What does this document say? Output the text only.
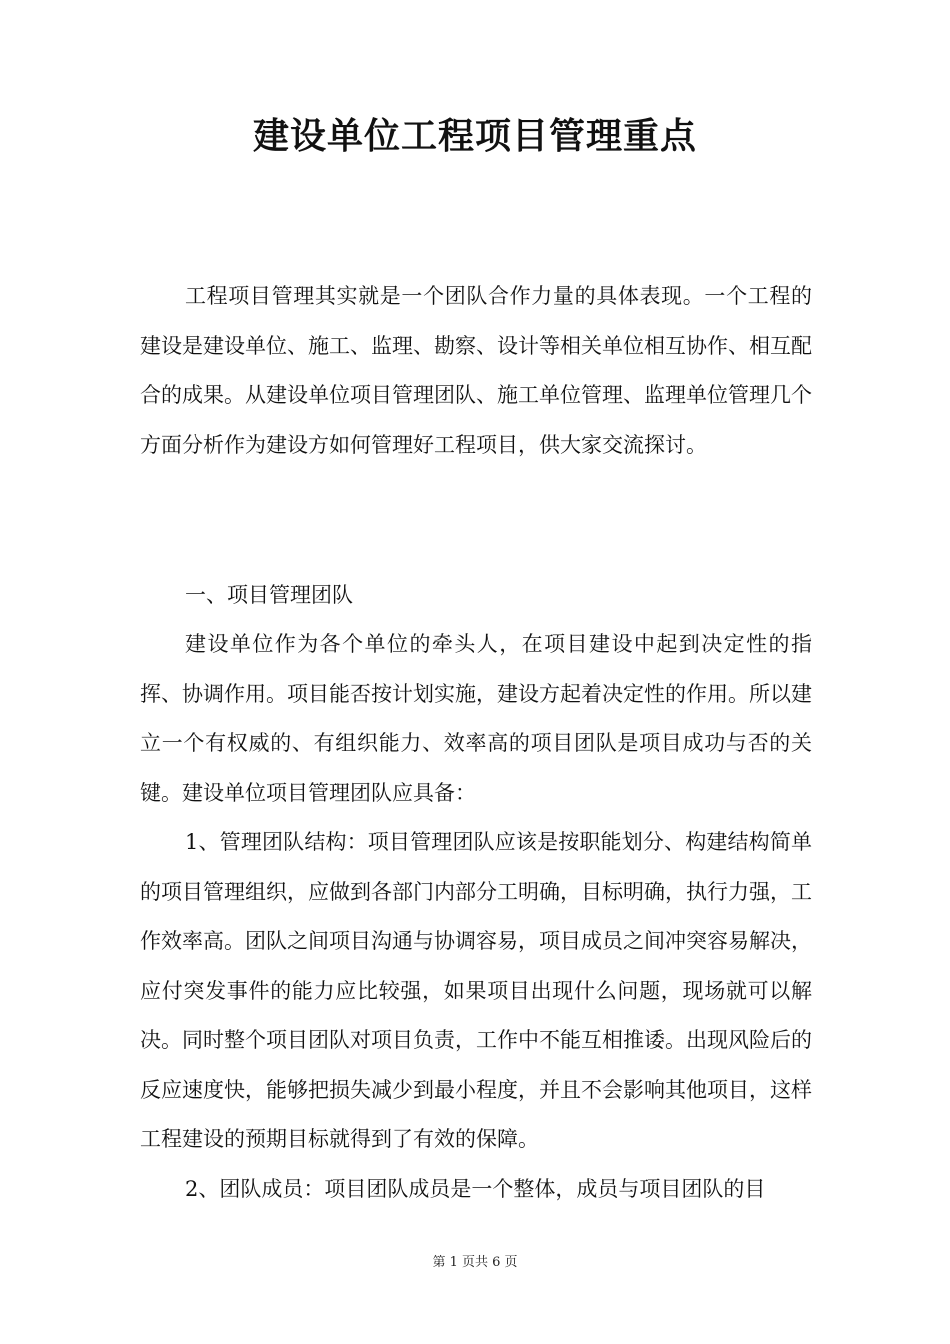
建设单位工程项目管理重点

工程项目管理其实就是一个团队合作力量的具体表现。一个工程的建设是建设单位、施工、监理、勘察、设计等相关单位相互协作、相互配合的成果。从建设单位项目管理团队、施工单位管理、监理单位管理几个方面分析作为建设方如何管理好工程项目，供大家交流探讨。

一、项目管理团队

建设单位作为各个单位的牵头人，在项目建设中起到决定性的指挥、协调作用。项目能否按计划实施，建设方起着决定性的作用。所以建立一个有权威的、有组织能力、效率高的项目团队是项目成功与否的关键。建设单位项目管理团队应具备：

1、管理团队结构：项目管理团队应该是按职能划分、构建结构简单的项目管理组织，应做到各部门内部分工明确，目标明确，执行力强，工作效率高。团队之间项目沟通与协调容易，项目成员之间冲突容易解决，应付突发事件的能力应比较强，如果项目出现什么问题，现场就可以解决。同时整个项目团队对项目负责，工作中不能互相推诿。出现风险后的反应速度快，能够把损失减少到最小程度，并且不会影响其他项目，这样工程建设的预期目标就得到了有效的保障。

2、团队成员：项目团队成员是一个整体，成员与项目团队的目

第 1 页共 6 页
